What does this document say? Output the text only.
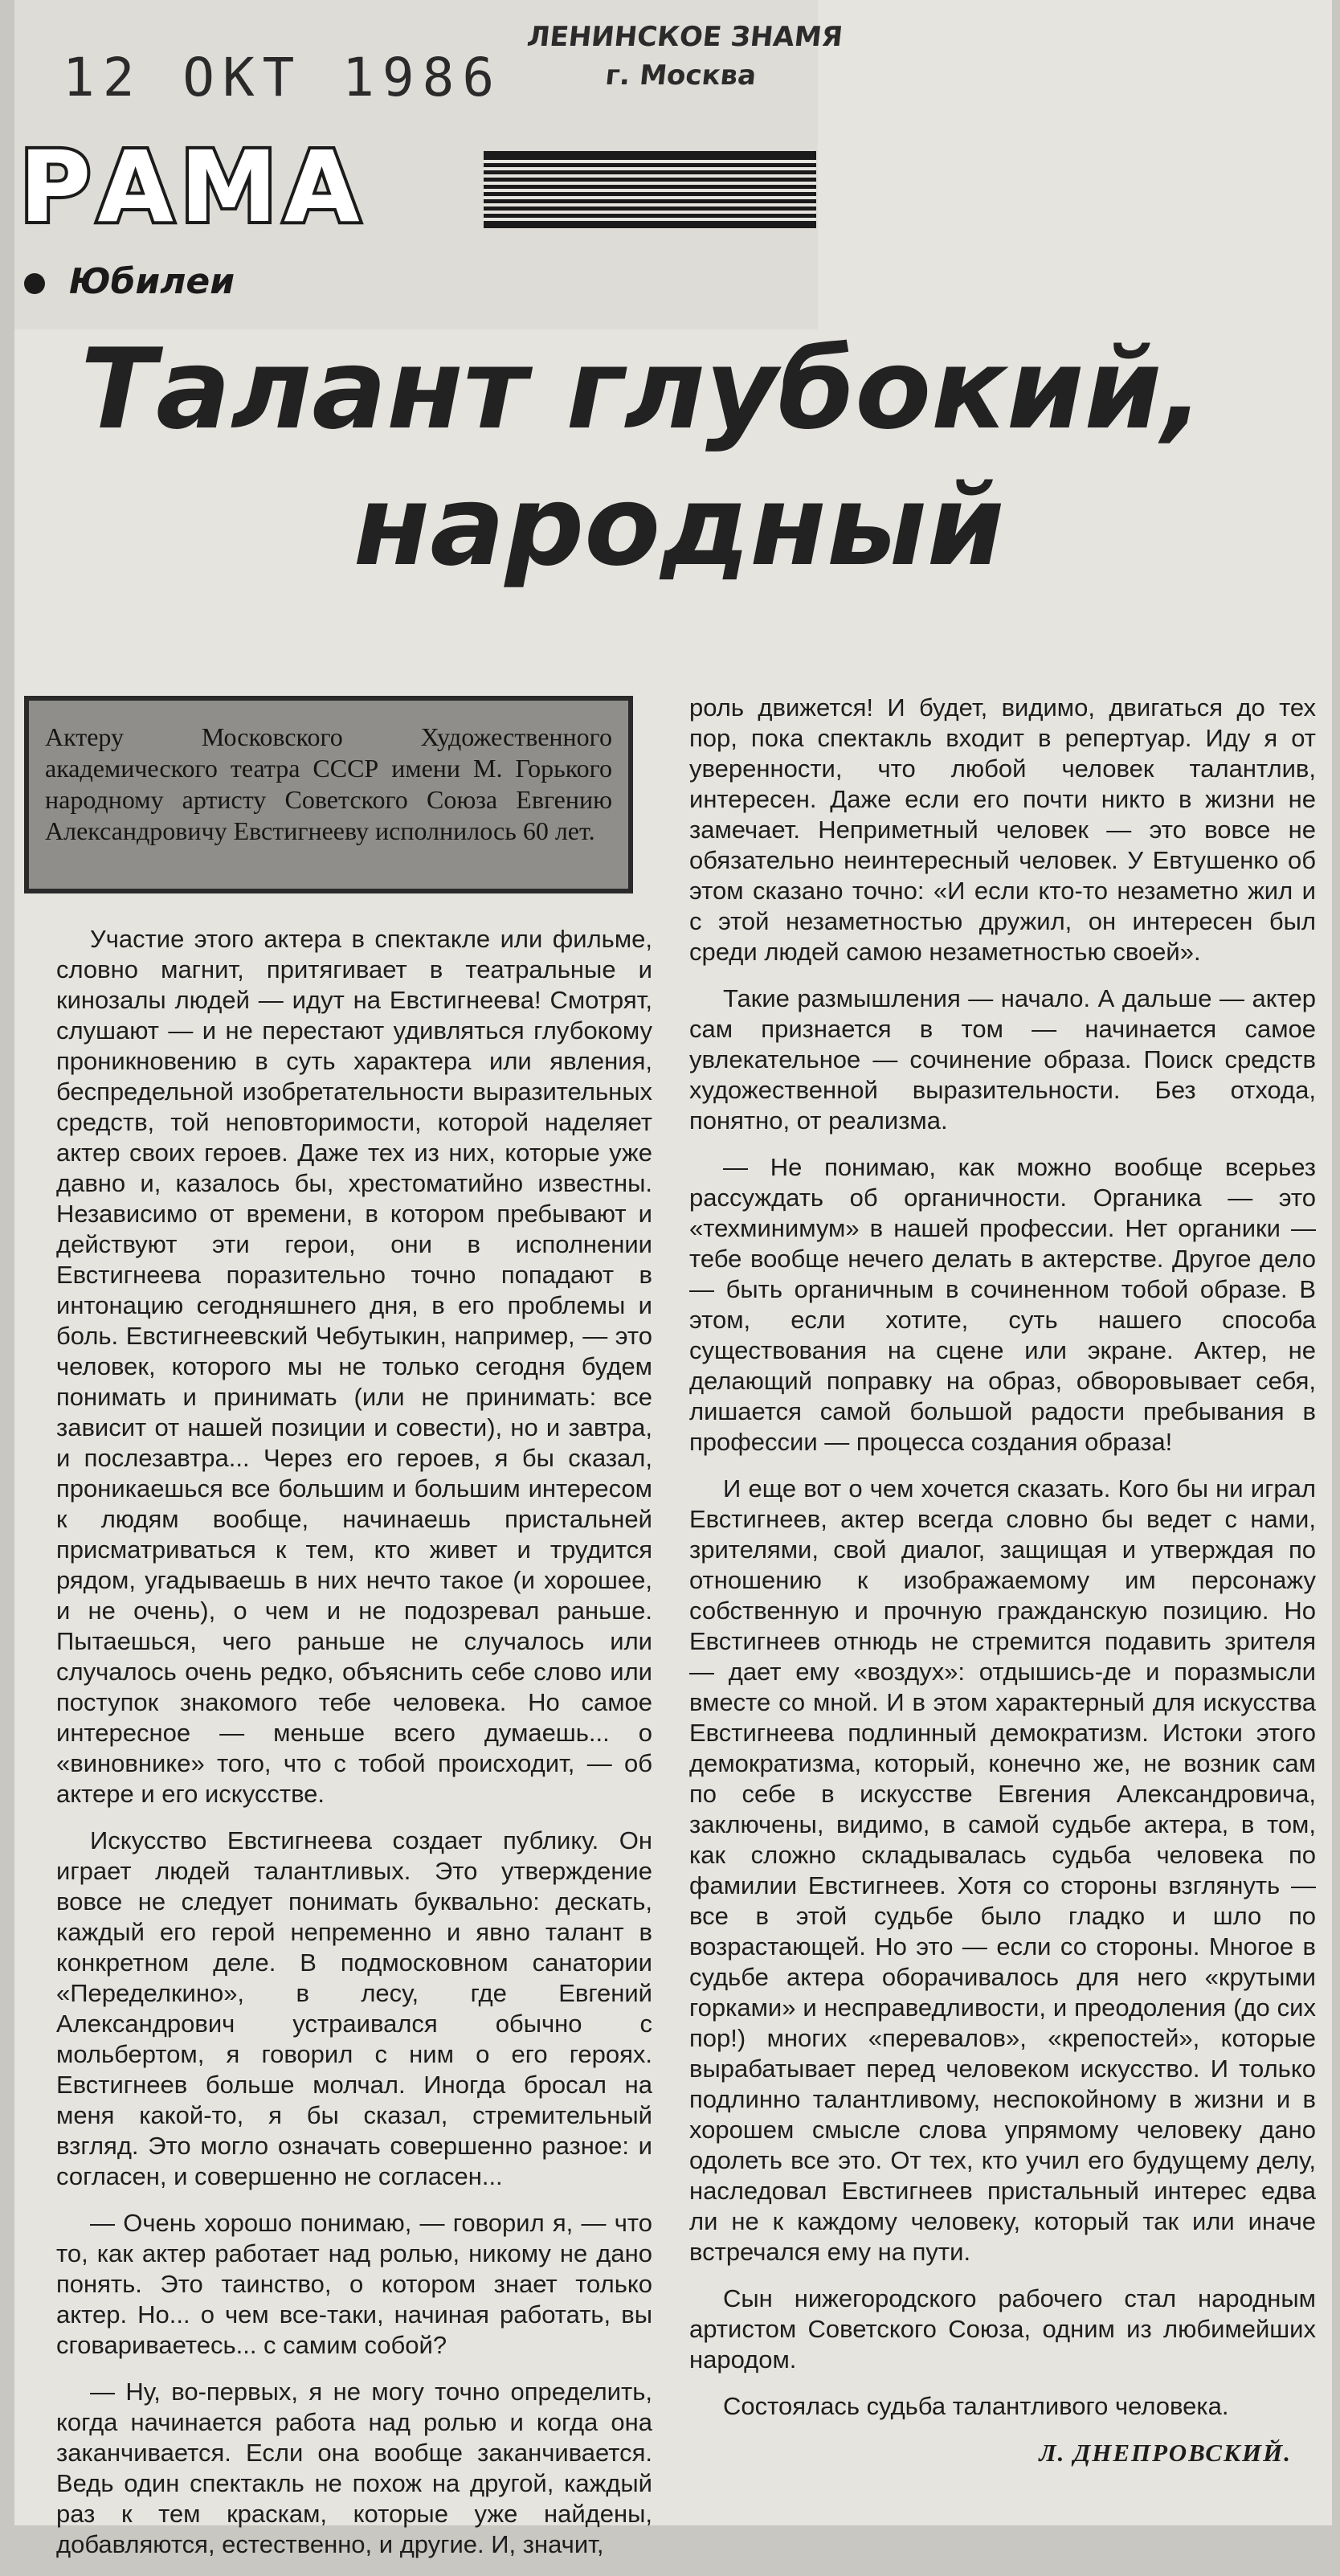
12 ОКТ 1986
ЛЕНИНСКОЕ ЗНАМЯ
г. Москва
РАМА
Юбилеи
Талант глубокий,
народный
Актеру Московского Художественного академического театра СССР имени М. Горького народному артисту Советского Союза Евгению Александровичу Евстигнееву исполнилось 60 лет.

Участие этого актера в спектакле или фильме, словно магнит, притягивает в театральные и кинозалы людей — идут на Евстигнеева! Смотрят, слушают — и не перестают удивляться глубокому проникновению в суть характера или явления, беспредельной изобретательности выразительных средств, той неповторимости, которой наделяет актер своих героев. Даже тех из них, которые уже давно и, казалось бы, хрестоматийно известны. Независимо от времени, в котором пребывают и действуют эти герои, они в исполнении Евстигнеева поразительно точно попадают в интонацию сегодняшнего дня, в его проблемы и боль. Евстигнеевский Чебутыкин, например, — это человек, которого мы не только сегодня будем понимать и принимать (или не принимать: все зависит от нашей позиции и совести), но и завтра, и послезавтра... Через его героев, я бы сказал, проникаешься все большим и большим интересом к людям вообще, начинаешь пристальней присматриваться к тем, кто живет и трудится рядом, угадываешь в них нечто такое (и хорошее, и не очень), о чем и не подозревал раньше. Пытаешься, чего раньше не случалось или случалось очень редко, объяснить себе слово или поступок знакомого тебе человека. Но самое интересное — меньше всего думаешь... о «виновнике» того, что с тобой происходит, — об актере и его искусстве.

Искусство Евстигнеева создает публику. Он играет людей талантливых. Это утверждение вовсе не следует понимать буквально: дескать, каждый его герой непременно и явно талант в конкретном деле. В подмосковном санатории «Переделкино», в лесу, где Евгений Александрович устраивался обычно с мольбертом, я говорил с ним о его героях. Евстигнеев больше молчал. Иногда бросал на меня какой-то, я бы сказал, стремительный взгляд. Это могло означать совершенно разное: и согласен, и совершенно не согласен...

— Очень хорошо понимаю, — говорил я, — что то, как актер работает над ролью, никому не дано понять. Это таинство, о котором знает только актер. Но... о чем все-таки, начиная работать, вы сговариваетесь... с самим собой?

— Ну, во-первых, я не могу точно определить, когда начинается работа над ролью и когда она заканчивается. Если она вообще заканчивается. Ведь один спектакль не похож на другой, каждый раз к тем краскам, которые уже найдены, добавляются, естественно, и другие. И, значит,

роль движется! И будет, видимо, двигаться до тех пор, пока спектакль входит в репертуар. Иду я от уверенности, что любой человек талантлив, интересен. Даже если его почти никто в жизни не замечает. Неприметный человек — это вовсе не обязательно неинтересный человек. У Евтушенко об этом сказано точно: «И если кто-то незаметно жил и с этой незаметностью дружил, он интересен был среди людей самою незаметностью своей».

Такие размышления — начало. А дальше — актер сам признается в том — начинается самое увлекательное — сочинение образа. Поиск средств художественной выразительности. Без отхода, понятно, от реализма.

— Не понимаю, как можно вообще всерьез рассуждать об органичности. Органика — это «техминимум» в нашей профессии. Нет органики — тебе вообще нечего делать в актерстве. Другое дело — быть органичным в сочиненном тобой образе. В этом, если хотите, суть нашего способа существования на сцене или экране. Актер, не делающий поправку на образ, обворовывает себя, лишается самой большой радости пребывания в профессии — процесса создания образа!

И еще вот о чем хочется сказать. Кого бы ни играл Евстигнеев, актер всегда словно бы ведет с нами, зрителями, свой диалог, защищая и утверждая по отношению к изображаемому им персонажу собственную и прочную гражданскую позицию. Но Евстигнеев отнюдь не стремится подавить зрителя — дает ему «воздух»: отдышись-де и поразмысли вместе со мной. И в этом характерный для искусства Евстигнеева подлинный демократизм. Истоки этого демократизма, который, конечно же, не возник сам по себе в искусстве Евгения Александровича, заключены, видимо, в самой судьбе актера, в том, как сложно складывалась судьба человека по фамилии Евстигнеев. Хотя со стороны взглянуть — все в этой судьбе было гладко и шло по возрастающей. Но это — если со стороны. Многое в судьбе актера оборачивалось для него «крутыми горками» и несправедливости, и преодоления (до сих пор!) многих «перевалов», «крепостей», которые вырабатывает перед человеком искусство. И только подлинно талантливому, неспокойному в жизни и в хорошем смысле слова упрямому человеку дано одолеть все это. От тех, кто учил его будущему делу, наследовал Евстигнеев пристальный интерес едва ли не к каждому человеку, который так или иначе встречался ему на пути.

Сын нижегородского рабочего стал народным артистом Советского Союза, одним из любимейших народом.

Состоялась судьба талантливого человека.

Л. ДНЕПРОВСКИЙ.
